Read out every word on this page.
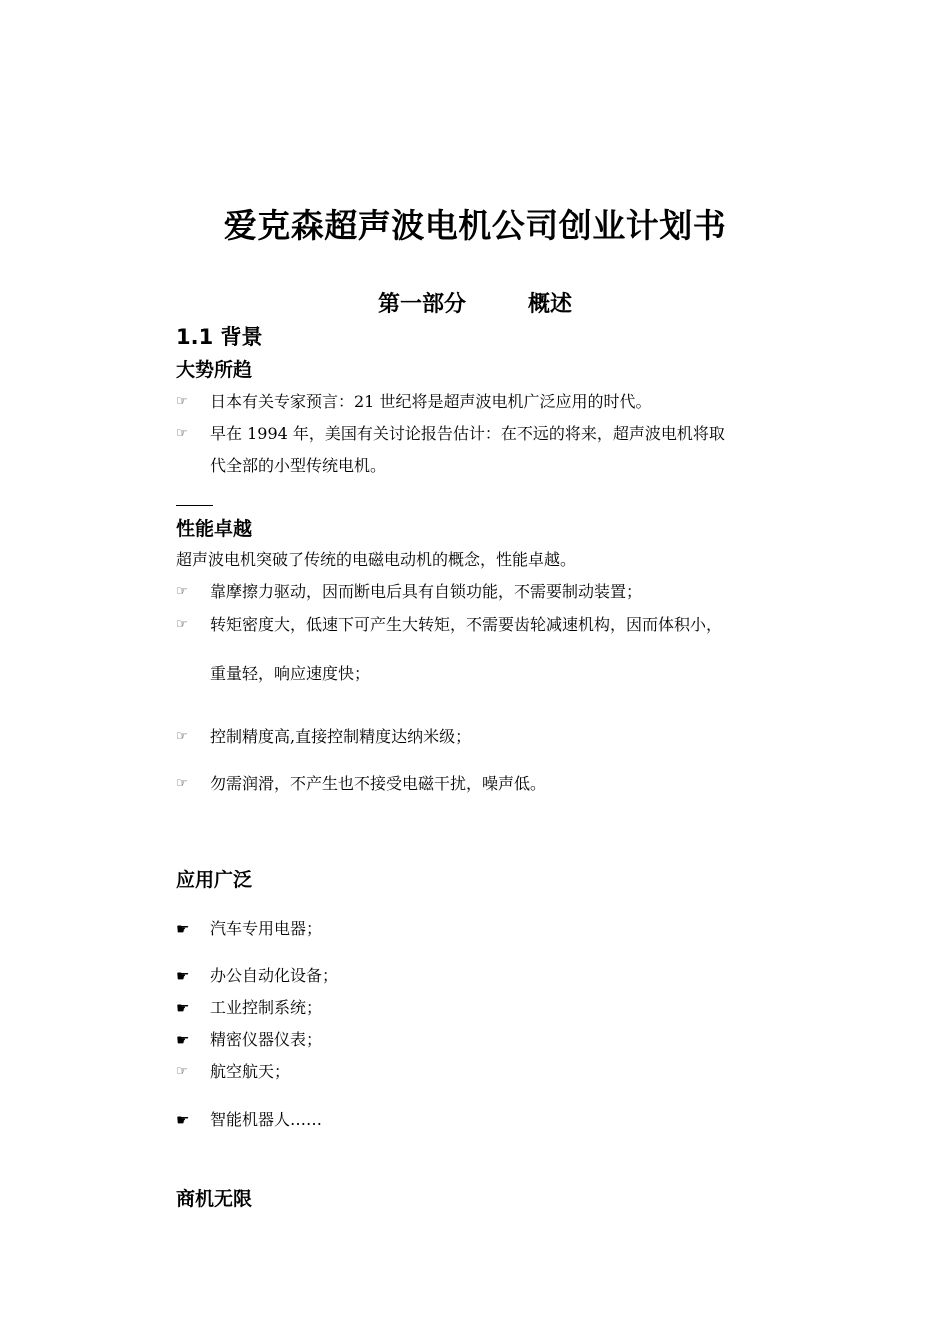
爱克森超声波电机公司创业计划书
第一部分	概述
1.1 背景
大势所趋
☞	日本有关专家预言：21 世纪将是超声波电机广泛应用的时代。
☞	早在 1994 年，美国有关讨论报告估计：在不远的将来，超声波电机将取
代全部的小型传统电机。
性能卓越
超声波电机突破了传统的电磁电动机的概念，性能卓越。
☞	靠摩擦力驱动，因而断电后具有自锁功能，不需要制动装置；
☞	转矩密度大，低速下可产生大转矩，不需要齿轮减速机构，因而体积小，
重量轻，响应速度快；
☞	控制精度高,直接控制精度达纳米级；
☞	勿需润滑，不产生也不接受电磁干扰，噪声低。
应用广泛
☛	汽车专用电器；
☛	办公自动化设备；
☛	工业控制系统；
☛	精密仪器仪表；
☞	航空航天；
☛	智能机器人……
商机无限
